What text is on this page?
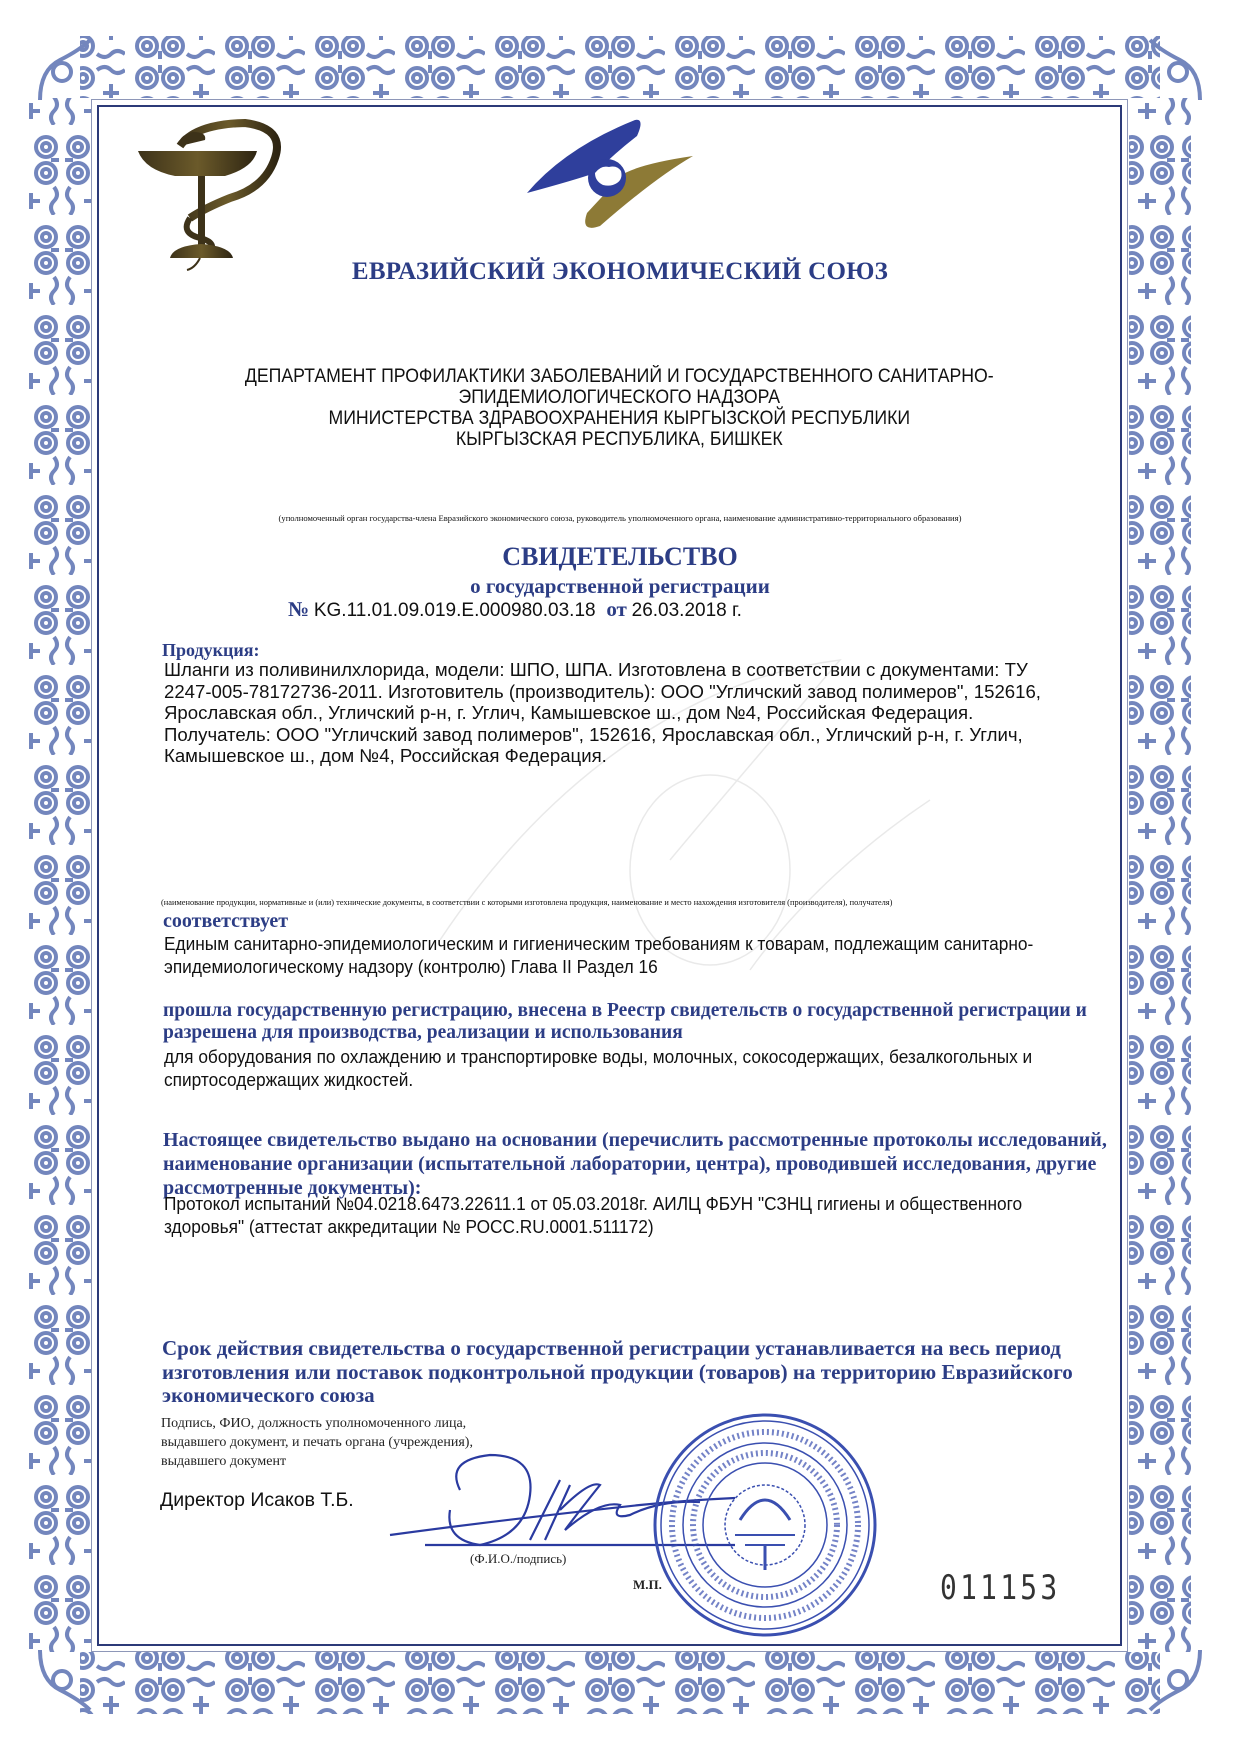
ЕВРАЗИЙСКИЙ ЭКОНОМИЧЕСКИЙ СОЮЗ
ДЕПАРТАМЕНТ ПРОФИЛАКТИКИ ЗАБОЛЕВАНИЙ И ГОСУДАРСТВЕННОГО САНИТАРНО-
ЭПИДЕМИОЛОГИЧЕСКОГО НАДЗОРА
МИНИСТЕРСТВА ЗДРАВООХРАНЕНИЯ КЫРГЫЗСКОЙ РЕСПУБЛИКИ
КЫРГЫЗСКАЯ РЕСПУБЛИКА, БИШКЕК
(уполномоченный орган государства-члена Евразийского экономического союза, руководитель уполномоченного органа, наименование административно-территориального образования)
СВИДЕТЕЛЬСТВО
о государственной регистрации
№ KG.11.01.09.019.E.000980.03.18 от 26.03.2018 г.
Продукция:
Шланги из поливинилхлорида, модели: ШПО, ШПА. Изготовлена в соответствии с документами: ТУ 2247-005-78172736-2011. Изготовитель (производитель): ООО "Угличский завод полимеров", 152616, Ярославская обл., Угличский р-н, г. Углич, Камышевское ш., дом №4, Российская Федерация. Получатель: ООО "Угличский завод полимеров", 152616, Ярославская обл., Угличский р-н, г. Углич, Камышевское ш., дом №4, Российская Федерация.
(наименование продукции, нормативные и (или) технические документы, в соответствии с которыми изготовлена продукция, наименование и место нахождения изготовителя (производителя), получателя)
соответствует
Единым санитарно-эпидемиологическим и гигиеническим требованиям к товарам, подлежащим санитарно-эпидемиологическому надзору (контролю) Глава II Раздел 16
прошла государственную регистрацию, внесена в Реестр свидетельств о государственной регистрации и разрешена для производства, реализации и использования
для оборудования по охлаждению и транспортировке воды, молочных, сокосодержащих, безалкогольных и спиртосодержащих жидкостей.
Настоящее свидетельство выдано на основании (перечислить рассмотренные протоколы исследований, наименование организации (испытательной лаборатории, центра), проводившей исследования, другие рассмотренные документы):
Протокол испытаний №04.0218.6473.22611.1 от 05.03.2018г. АИЛЦ ФБУН "СЗНЦ гигиены и общественного здоровья" (аттестат аккредитации № РОСС.RU.0001.511172)
Срок действия свидетельства о государственной регистрации устанавливается на весь период изготовления или поставок подконтрольной продукции (товаров) на территорию Евразийского экономического союза
Подпись, ФИО, должность уполномоченного лица,
выдавшего документ, и печать органа (учреждения),
выдавшего документ
Директор Исаков Т.Б.
(Ф.И.О./подпись)
М.П.	011153
